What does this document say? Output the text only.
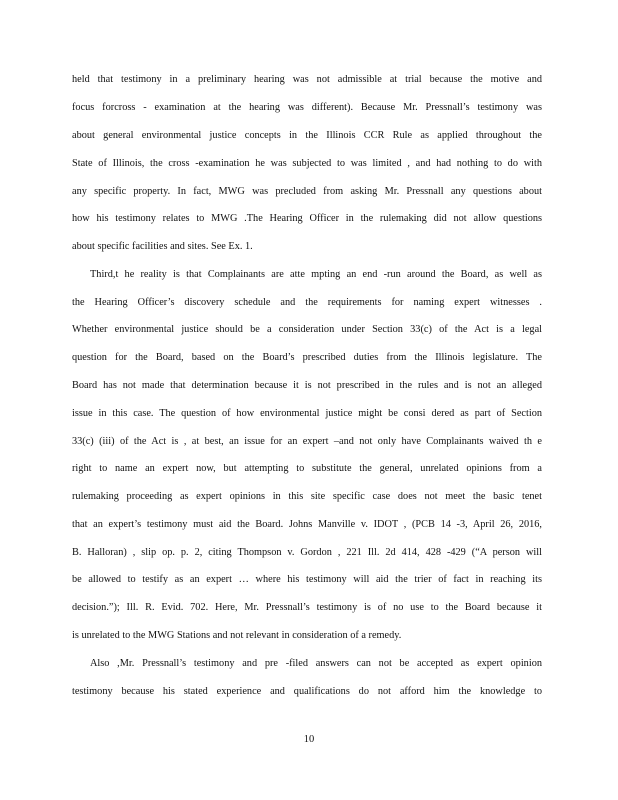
held that testimony in a preliminary hearing was not admissible at trial because the motive and
focus forcross - examination at the hearing was different). Because Mr. Pressnall’s testimony was
about general environmental justice concepts in the Illinois CCR Rule as applied throughout the
State of Illinois, the cross -examination he was subjected to was limited , and had nothing to do with
any specific property. In fact, MWG was precluded from asking Mr. Pressnall any questions about
how his testimony relates to MWG .The Hearing Officer in the rulemaking did not allow questions
about specific facilities and sites. See Ex. 1.
Third,t he reality is that Complainants are atte mpting an end -run around the Board, as well as
the Hearing Officer’s discovery schedule and the requirements for naming expert witnesses .
Whether environmental justice should be a consideration under Section 33(c) of the Act is a legal
question for the Board, based on the Board’s prescribed duties from the Illinois legislature. The
Board has not made that determination because it is not prescribed in the rules and is not an alleged
issue in this case. The question of how environmental justice might be consi dered as part of Section
33(c) (iii) of the Act is , at best, an issue for an expert –and not only have Complainants waived th e
right to name an expert now, but attempting to substitute the general, unrelated opinions from a
rulemaking proceeding as expert opinions in this site specific case does not meet the basic tenet
that an expert’s testimony must aid the Board. Johns Manville v. IDOT , (PCB 14 -3, April 26, 2016,
B. Halloran) , slip op. p. 2, citing Thompson v. Gordon , 221 Ill. 2d 414, 428 -429 (“A person will
be allowed to testify as an expert … where his testimony will aid the trier of fact in reaching its
decision.”); Ill. R. Evid. 702. Here, Mr. Pressnall’s testimony is of no use to the Board because it
is unrelated to the MWG Stations and not relevant in consideration of a remedy.
Also ,Mr. Pressnall’s testimony and pre -filed answers can not be accepted as expert opinion
testimony because his stated experience and qualifications do not afford him the knowledge to
10
